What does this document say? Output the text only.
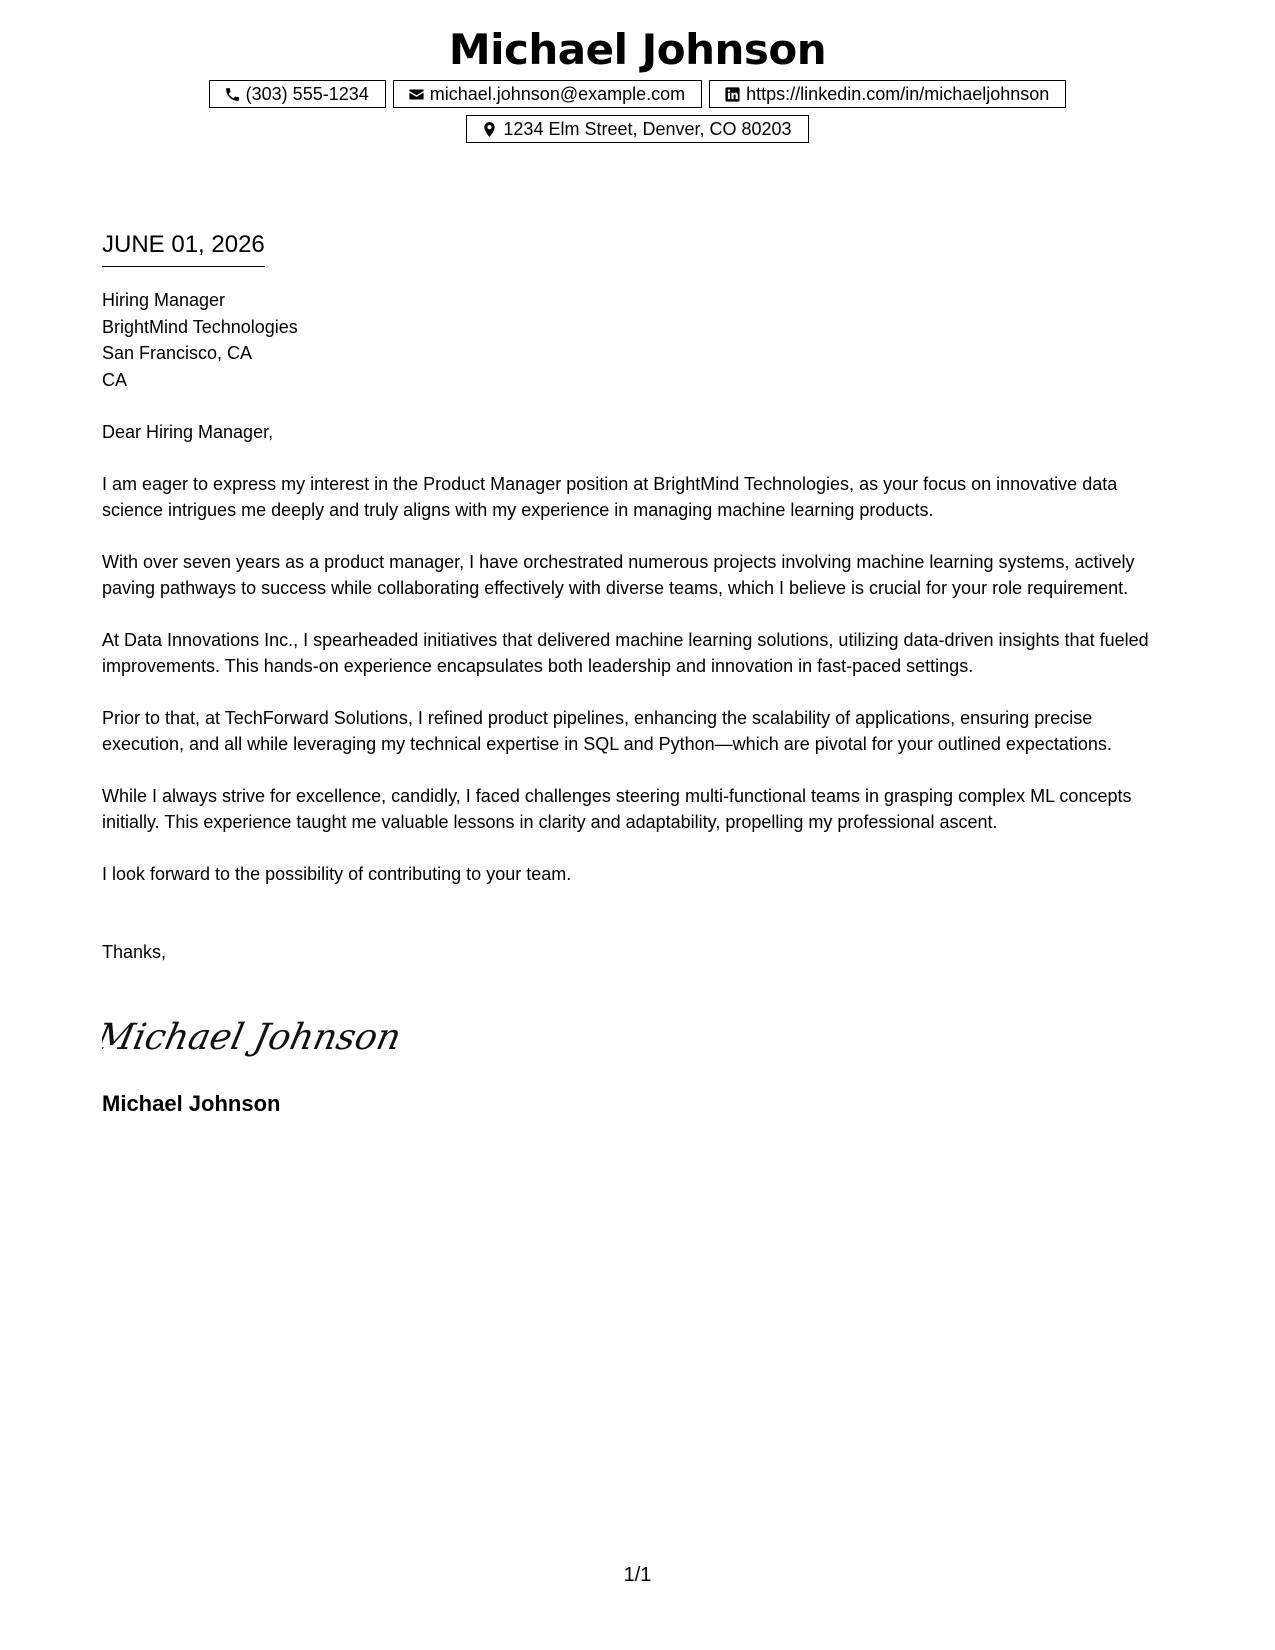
Michael Johnson
(303) 555-1234	michael.johnson@example.com	https://linkedin.com/in/michaeljohnson
1234 Elm Street, Denver, CO 80203
JUNE 01, 2026
Hiring Manager
BrightMind Technologies
San Francisco, CA
CA
Dear Hiring Manager,

I am eager to express my interest in the Product Manager position at BrightMind Technologies, as your focus on innovative data science intrigues me deeply and truly aligns with my experience in managing machine learning products.

With over seven years as a product manager, I have orchestrated numerous projects involving machine learning systems, actively paving pathways to success while collaborating effectively with diverse teams, which I believe is crucial for your role requirement.

At Data Innovations Inc., I spearheaded initiatives that delivered machine learning solutions, utilizing data-driven insights that fueled improvements. This hands-on experience encapsulates both leadership and innovation in fast-paced settings.

Prior to that, at TechForward Solutions, I refined product pipelines, enhancing the scalability of applications, ensuring precise execution, and all while leveraging my technical expertise in SQL and Python—which are pivotal for your outlined expectations.

While I always strive for excellence, candidly, I faced challenges steering multi-functional teams in grasping complex ML concepts initially. This experience taught me valuable lessons in clarity and adaptability, propelling my professional ascent.

I look forward to the possibility of contributing to your team.

Thanks,
Michael Johnson
Michael Johnson
1/1
